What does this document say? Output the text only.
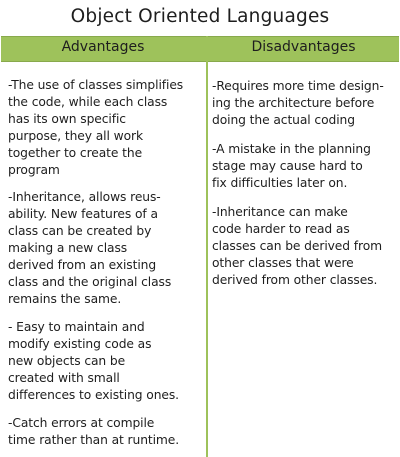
Object Oriented Languages
Advantages	Disadvantages

-The use of classes simplifies
the code, while each class
has its own specific
purpose, they all work
together to create the
program

-Inheritance, allows reus-
ability. New features of a
class can be created by
making a new class
derived from an existing
class and the original class
remains the same.

- Easy to maintain and
modify existing code as
new objects can be
created with small
differences to existing ones.

-Catch errors at compile
time rather than at runtime.

-Requires more time design-
ing the architecture before
doing the actual coding

-A mistake in the planning
stage may cause hard to
fix difficulties later on.

-Inheritance can make
code harder to read as
classes can be derived from
other classes that were
derived from other classes.
